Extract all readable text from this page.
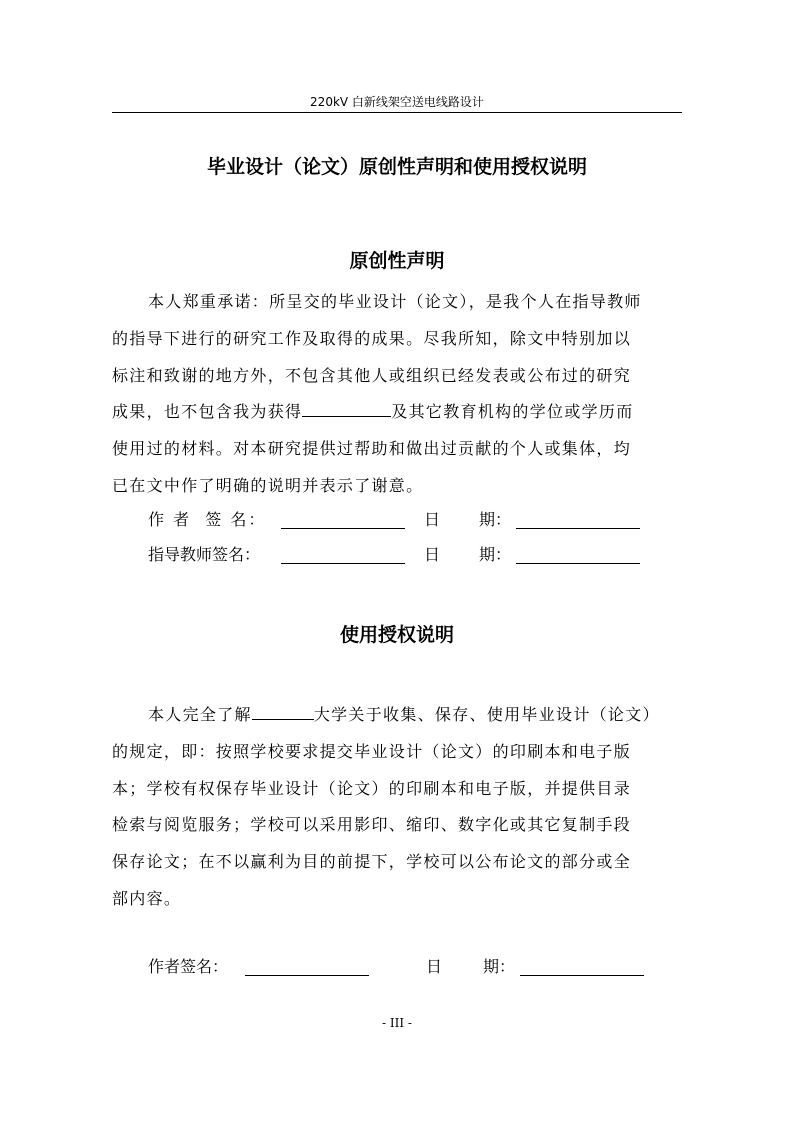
220kV 白新线架空送电线路设计
毕业设计（论文）原创性声明和使用授权说明
原创性声明
本人郑重承诺：所呈交的毕业设计（论文），是我个人在指导教师
的指导下进行的研究工作及取得的成果。尽我所知，除文中特别加以
标注和致谢的地方外，不包含其他人或组织已经发表或公布过的研究
成果，也不包含我为获得	及其它教育机构的学位或学历而
使用过的材料。对本研究提供过帮助和做出过贡献的个人或集体，均
已在文中作了明确的说明并表示了谢意。
作 者  签 名：	日 期：
指导教师签名：	日 期：
使用授权说明
本人完全了解	大学关于收集、保存、使用毕业设计（论文）
的规定，即：按照学校要求提交毕业设计（论文）的印刷本和电子版
本；学校有权保存毕业设计（论文）的印刷本和电子版，并提供目录
检索与阅览服务；学校可以采用影印、缩印、数字化或其它复制手段
保存论文；在不以赢利为目的前提下，学校可以公布论文的部分或全
部内容。
作者签名：	日	期：
- III -
